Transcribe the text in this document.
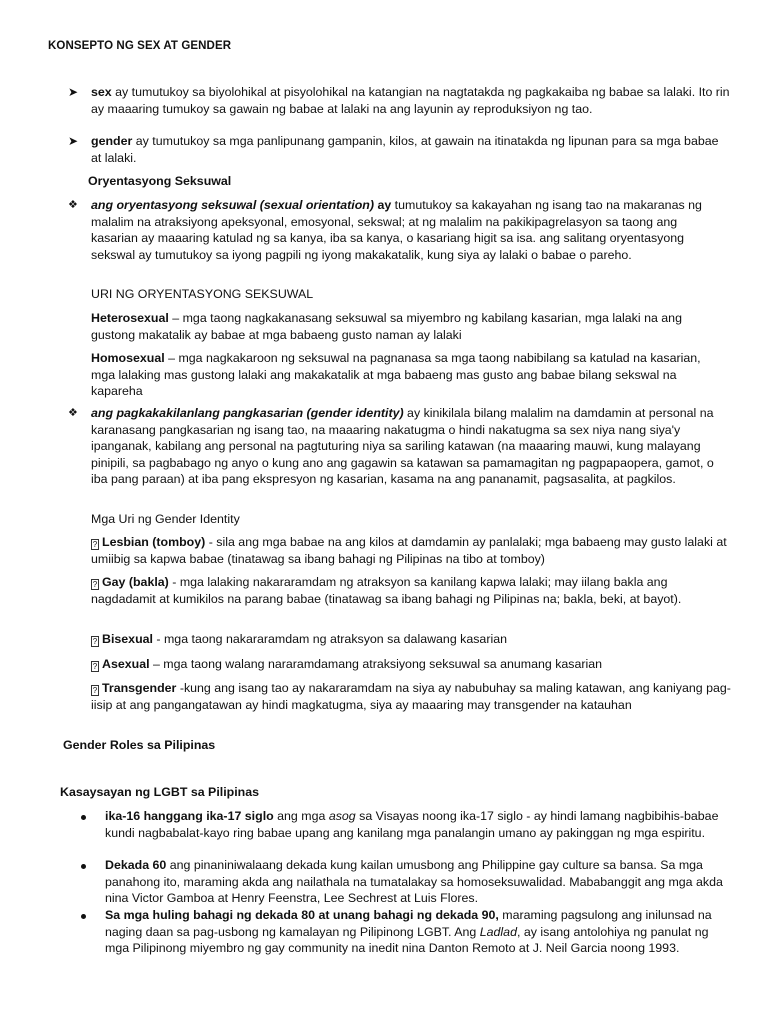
KONSEPTO NG SEX AT GENDER
➤	sex ay tumutukoy sa biyolohikal at pisyolohikal na katangian na nagtatakda ng pagkakaiba ng babae sa lalaki. Ito rin ay maaaring tumukoy sa gawain ng babae at lalaki na ang layunin ay reproduksiyon ng tao.
➤	gender ay tumutukoy sa mga panlipunang gampanin, kilos, at gawain na itinatakda ng lipunan para sa mga babae at lalaki.
Oryentasyong Seksuwal
❖	ang oryentasyong seksuwal (sexual orientation) ay tumutukoy sa kakayahan ng isang tao na makaranas ng malalim na atraksiyong apeksyonal, emosyonal, sekswal; at ng malalim na pakikipagrelasyon sa taong ang kasarian ay maaaring katulad ng sa kanya, iba sa kanya, o kasariang higit sa isa. ang salitang oryentasyong sekswal ay tumutukoy sa iyong pagpili ng iyong makakatalik, kung siya ay lalaki o babae o pareho.
URI NG ORYENTASYONG SEKSUWAL
Heterosexual – mga taong nagkakanasang seksuwal sa miyembro ng kabilang kasarian, mga lalaki na ang gustong makatalik ay babae at mga babaeng gusto naman ay lalaki
Homosexual – mga nagkakaroon ng seksuwal na pagnanasa sa mga taong nabibilang sa katulad na kasarian, mga lalaking mas gustong lalaki ang makakatalik at mga babaeng mas gusto ang babae bilang sekswal na kapareha
❖	ang pagkakakilanlang pangkasarian (gender identity) ay kinikilala bilang malalim na damdamin at personal na karanasang pangkasarian ng isang tao, na maaaring nakatugma o hindi nakatugma sa sex niya nang siya'y ipanganak, kabilang ang personal na pagtuturing niya sa sariling katawan (na maaaring mauwi, kung malayang pinipili, sa pagbabago ng anyo o kung ano ang gagawin sa katawan sa pamamagitan ng pagpapaopera, gamot, o iba pang paraan) at iba pang ekspresyon ng kasarian, kasama na ang pananamit, pagsasalita, at pagkilos.
Mga Uri ng Gender Identity
? Lesbian (tomboy) - sila ang mga babae na ang kilos at damdamin ay panlalaki; mga babaeng may gusto lalaki at umiibig sa kapwa babae (tinatawag sa ibang bahagi ng Pilipinas na tibo at tomboy)
? Gay (bakla) - mga lalaking nakararamdam ng atraksyon sa kanilang kapwa lalaki; may iilang bakla ang nagdadamit at kumikilos na parang babae (tinatawag sa ibang bahagi ng Pilipinas na; bakla, beki, at bayot).
? Bisexual - mga taong nakararamdam ng atraksyon sa dalawang kasarian
? Asexual – mga taong walang nararamdamang atraksiyong seksuwal sa anumang kasarian
? Transgender -kung ang isang tao ay nakararamdam na siya ay nabubuhay sa maling katawan, ang kaniyang pag-iisip at ang pangangatawan ay hindi magkatugma, siya ay maaaring may transgender na katauhan
Gender Roles sa Pilipinas
Kasaysayan ng LGBT sa Pilipinas
ika-16 hanggang ika-17 siglo ang mga asog sa Visayas noong ika-17 siglo - ay hindi lamang nagbibihis-babae kundi nagbabalat-kayo ring babae upang ang kanilang mga panalangin umano ay pakinggan ng mga espiritu.
Dekada 60 ang pinaniniwalaang dekada kung kailan umusbong ang Philippine gay culture sa bansa. Sa mga panahong ito, maraming akda ang nailathala na tumatalakay sa homoseksuwalidad. Mababanggit ang mga akda nina Victor Gamboa at Henry Feenstra, Lee Sechrest at Luis Flores.
Sa mga huling bahagi ng dekada 80 at unang bahagi ng dekada 90, maraming pagsulong ang inilunsad na naging daan sa pag-usbong ng kamalayan ng Pilipinong LGBT. Ang Ladlad, ay isang antolohiya ng panulat ng mga Pilipinong miyembro ng gay community na inedit nina Danton Remoto at J. Neil Garcia noong 1993.
